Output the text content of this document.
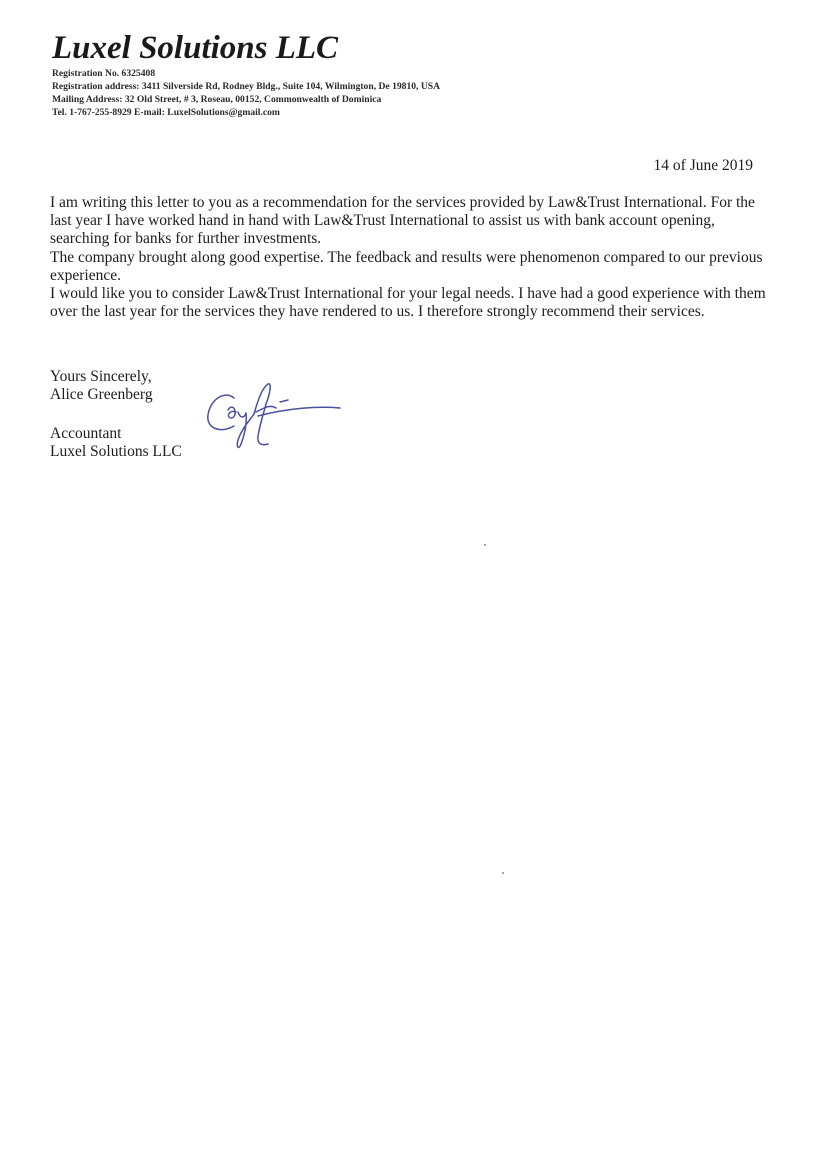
Luxel Solutions LLC
Registration No. 6325408
Registration address: 3411 Silverside Rd, Rodney Bldg., Suite 104, Wilmington, De 19810, USA
Mailing Address: 32 Old Street, # 3, Roseau, 00152, Commonwealth of Dominica
Tel. 1-767-255-8929 E-mail: LuxelSolutions@gmail.com
14 of June 2019

I am writing this letter to you as a recommendation for the services provided by Law&Trust International. For the last year I have worked hand in hand with Law&Trust International to assist us with bank account opening, searching for banks for further investments.

The company brought along good expertise. The feedback and results were phenomenon compared to our previous experience.

I would like you to consider Law&Trust International for your legal needs. I have had a good experience with them over the last year for the services they have rendered to us. I therefore strongly recommend their services.

Yours Sincerely,
Alice Greenberg
Accountant
Luxel Solutions LLC
